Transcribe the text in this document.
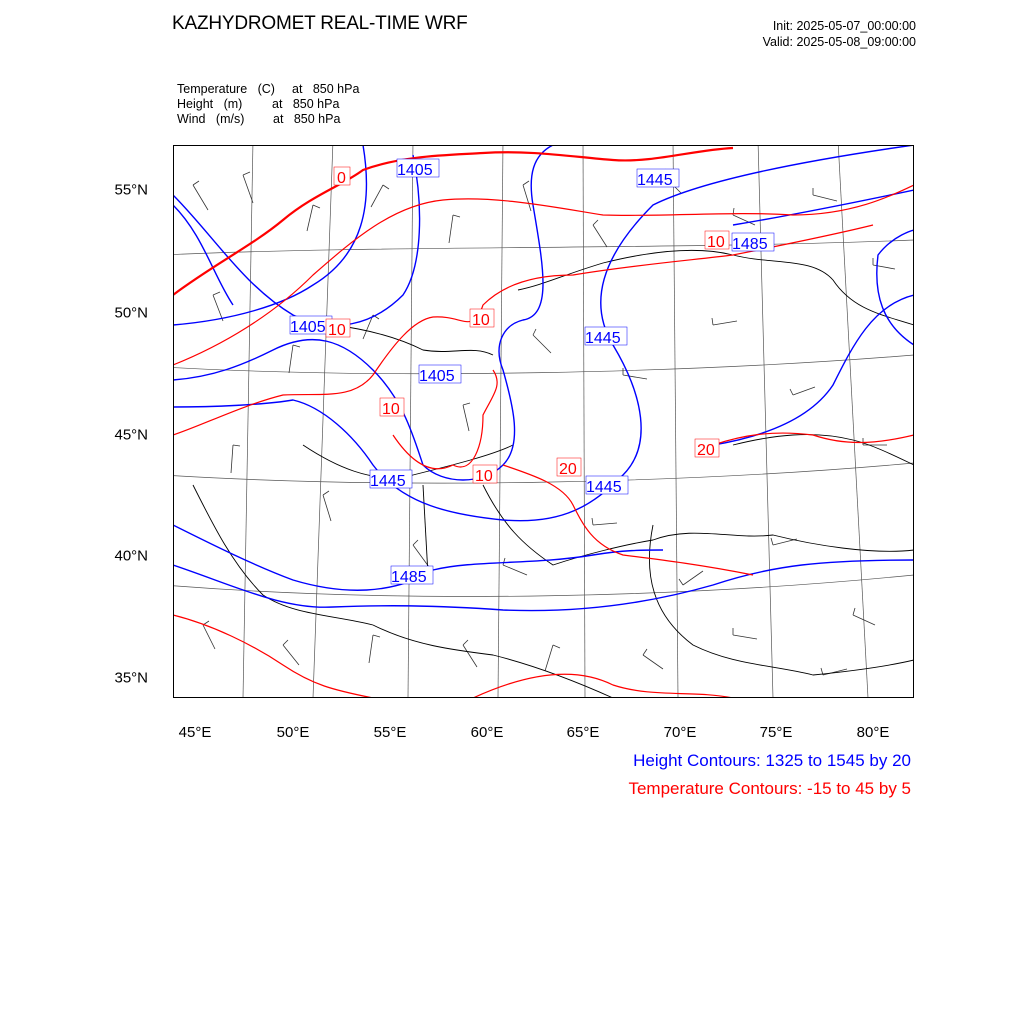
KAZHYDROMET REAL-TIME WRF	Init: 2025-05-07_00:00:00
Valid: 2025-05-08_09:00:00
Temperature (C)	at   850 hPa
Height (m)	at   850 hPa
Wind (m/s)	at   850 hPa
1405
1445
1485
1405
1445
1405
1445	1445
1485
0
10
10
10
10
20
10
20
55°N
50°N
45°N
40°N
35°N
45°E	50°E	55°E	60°E	65°E	70°E	75°E	80°E
Height Contours: 1325 to 1545 by 20
Temperature Contours: -15 to 45 by 5
